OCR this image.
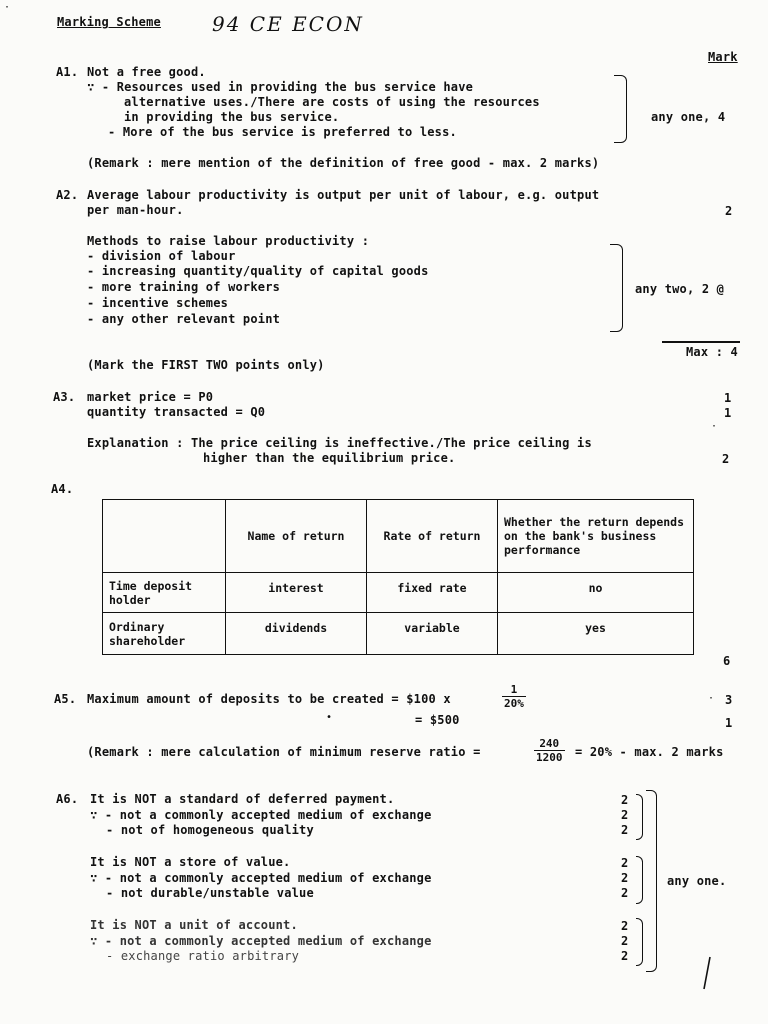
Marking Scheme	94 CE ECON
Mark
A1. Not a free good.
∵ - Resources used in providing the bus service have
alternative uses./There are costs of using the resources
in providing the bus service.
- More of the bus service is preferred to less.
any one, 4
(Remark : mere mention of the definition of free good - max. 2 marks)
A2. Average labour productivity is output per unit of labour, e.g. output
per man-hour.	2
Methods to raise labour productivity :
- division of labour
- increasing quantity/quality of capital goods
- more training of workers
- incentive schemes
- any other relevant point
any two, 2 @
Max : 4
(Mark the FIRST TWO points only)
A3. market price = P0
quantity transacted = Q0
1
1
Explanation : The price ceiling is ineffective./The price ceiling is
higher than the equilibrium price.	2
A4.
	Name of return	Rate of return	Whether the return depends on the bank's business performance
Time deposit holder	interest	fixed rate	no
Ordinary shareholder	dividends	variable	yes
6
A5. Maximum amount of deposits to be created = $100 x	$\frac{1}{20\%}$	3
= $500	1
(Remark : mere calculation of minimum reserve ratio =	$\frac{240}{1200} = 20\% - \max$. 2 marks
A6. It is NOT a standard of deferred payment.
∵ - not a commonly accepted medium of exchange
- not of homogeneous quality
2
2
2
It is NOT a store of value.
∵ - not a commonly accepted medium of exchange
- not durable/unstable value
2
2
2
It is NOT a unit of account.
∵ - not a commonly accepted medium of exchange
- exchange ratio arbitrary
2
2
2
any one.
·
·
·
•
